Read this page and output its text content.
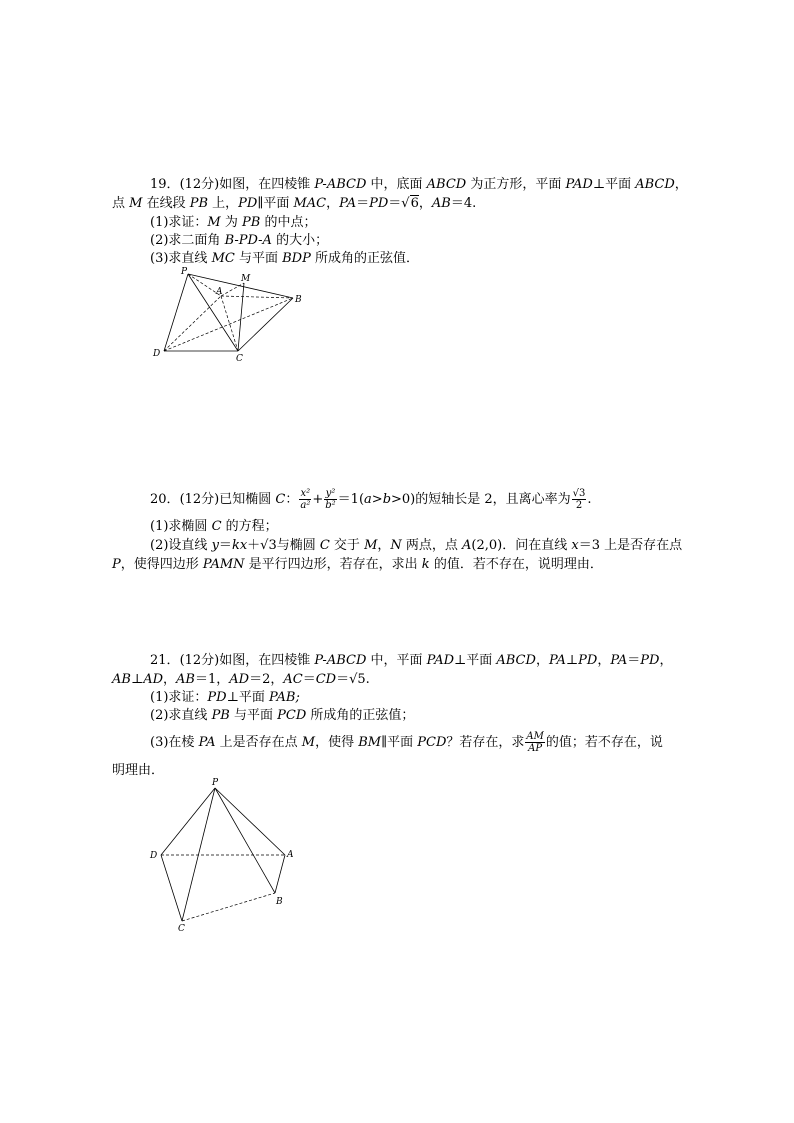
19．(12分)如图，在四棱锥 P-ABCD 中，底面 ABCD 为正方形，平面 PAD⊥平面 ABCD，
点 M 在线段 PB 上，PD∥平面 MAC，PA＝PD＝√6，AB＝4.
(1)求证：M 为 PB 的中点；
(2)求二面角 B-PD-A 的大小；
(3)求直线 MC 与平面 BDP 所成角的正弦值．
P
M
A
B
D	C
20．(12分)已知椭圆 C： $\frac{\text{x²}}{\text{a²}} + \frac{\text{y²}}{\text{b²}} =1(a>b>0)$的短轴长是 2，且离心率为 $\frac{√3}{2}$ .
(1)求椭圆 C 的方程；
(2)设直线 y＝kx＋√3与椭圆 C 交于 M，N 两点，点 A(2,0)．问在直线 x＝3 上是否存在点
P，使得四边形 PAMN 是平行四边形，若存在，求出 k 的值．若不存在，说明理由．
21．(12分)如图，在四棱锥 P-ABCD 中，平面 PAD⊥平面 ABCD，PA⊥PD，PA＝PD，
AB⊥AD，AB＝1，AD＝2，AC＝CD＝√5.
(1)求证：PD⊥平面 PAB;
(2)求直线 PB 与平面 PCD 所成角的正弦值；
(3)在棱 PA 上是否存在点 M，使得 BM∥平面 PCD？若存在，求 $\frac{AM}{AP}$ 的值；若不存在，说
明理由．
P
D	A
B
C
